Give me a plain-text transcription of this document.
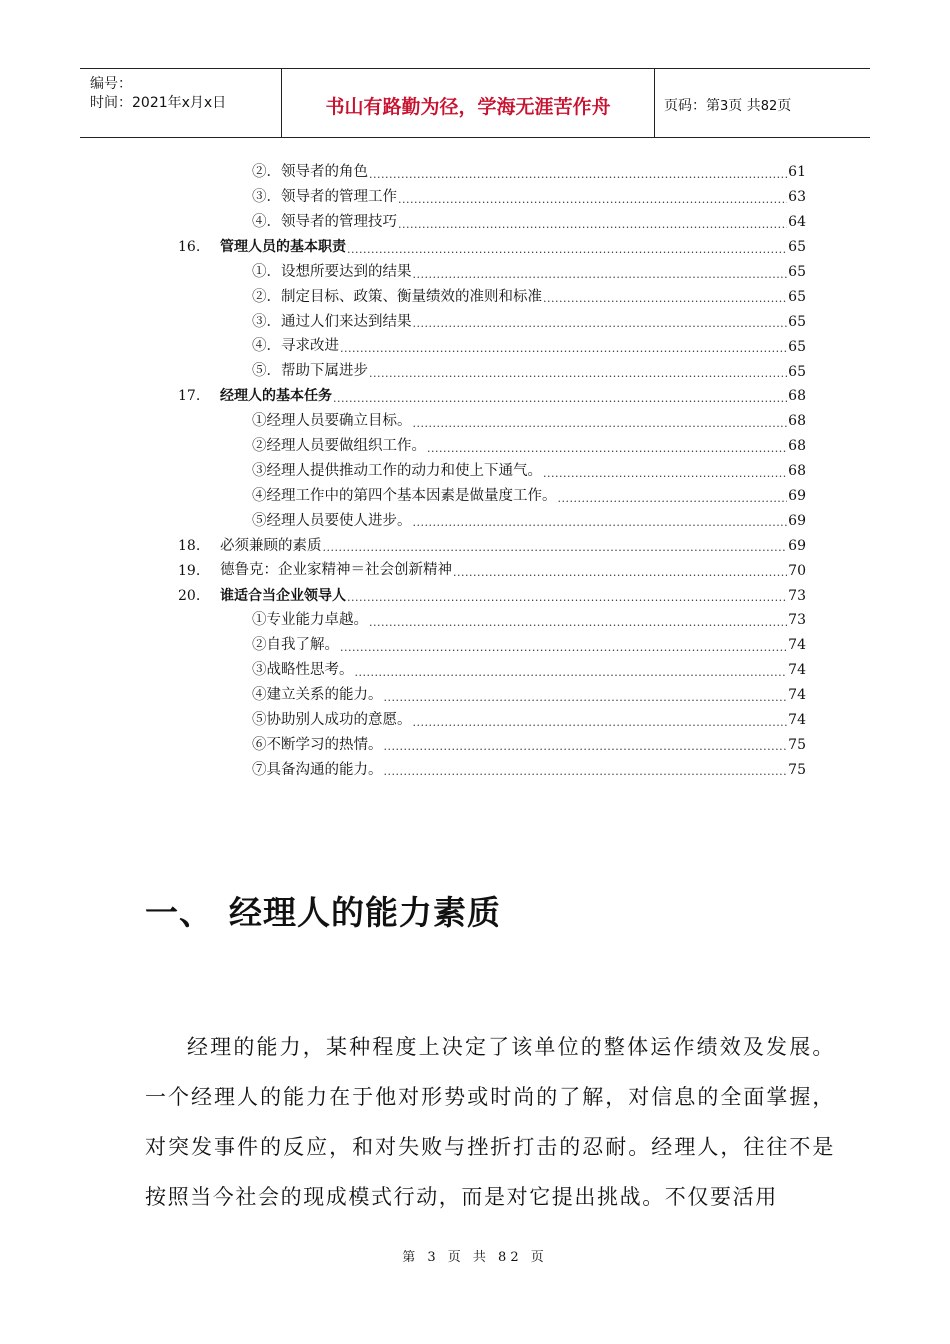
编号：
时间：2021年x月x日	书山有路勤为径，学海无涯苦作舟	页码：第3页 共82页
②．领导者的角色 .....	61
③．领导者的管理工作 .....	63
④．领导者的管理技巧 .....	64
16.	管理人员的基本职责 .....	65
①．设想所要达到的结果 .....	65
②．制定目标、政策、衡量绩效的准则和标准 .....	65
③．通过人们来达到结果 .....	65
④．寻求改进 .....	65
⑤．帮助下属进步 .....	65
17.	经理人的基本任务 .....	68
①经理人员要确立目标。 .....	68
②经理人员要做组织工作。 .....	68
③经理人提供推动工作的动力和使上下通气。 .....	68
④经理工作中的第四个基本因素是做量度工作。 .....	69
⑤经理人员要使人进步。 .....	69
18.	必须兼顾的素质 .....	69
19.	德鲁克：企业家精神＝社会创新精神 .....	70
20.	谁适合当企业领导人 .....	73
①专业能力卓越。 .....	73
②自我了解。 .....	74
③战略性思考。 .....	74
④建立关系的能力。 .....	74
⑤协助别人成功的意愿。 .....	74
⑥不断学习的热情。 .....	75
⑦具备沟通的能力。 .....	75
一、 经理人的能力素质

经理的能力，某种程度上决定了该单位的整体运作绩效及发展。一个经理人的能力在于他对形势或时尚的了解，对信息的全面掌握，对突发事件的反应，和对失败与挫折打击的忍耐。经理人，往往不是按照当今社会的现成模式行动，而是对它提出挑战。不仅要活用

第 3 页 共 82 页
